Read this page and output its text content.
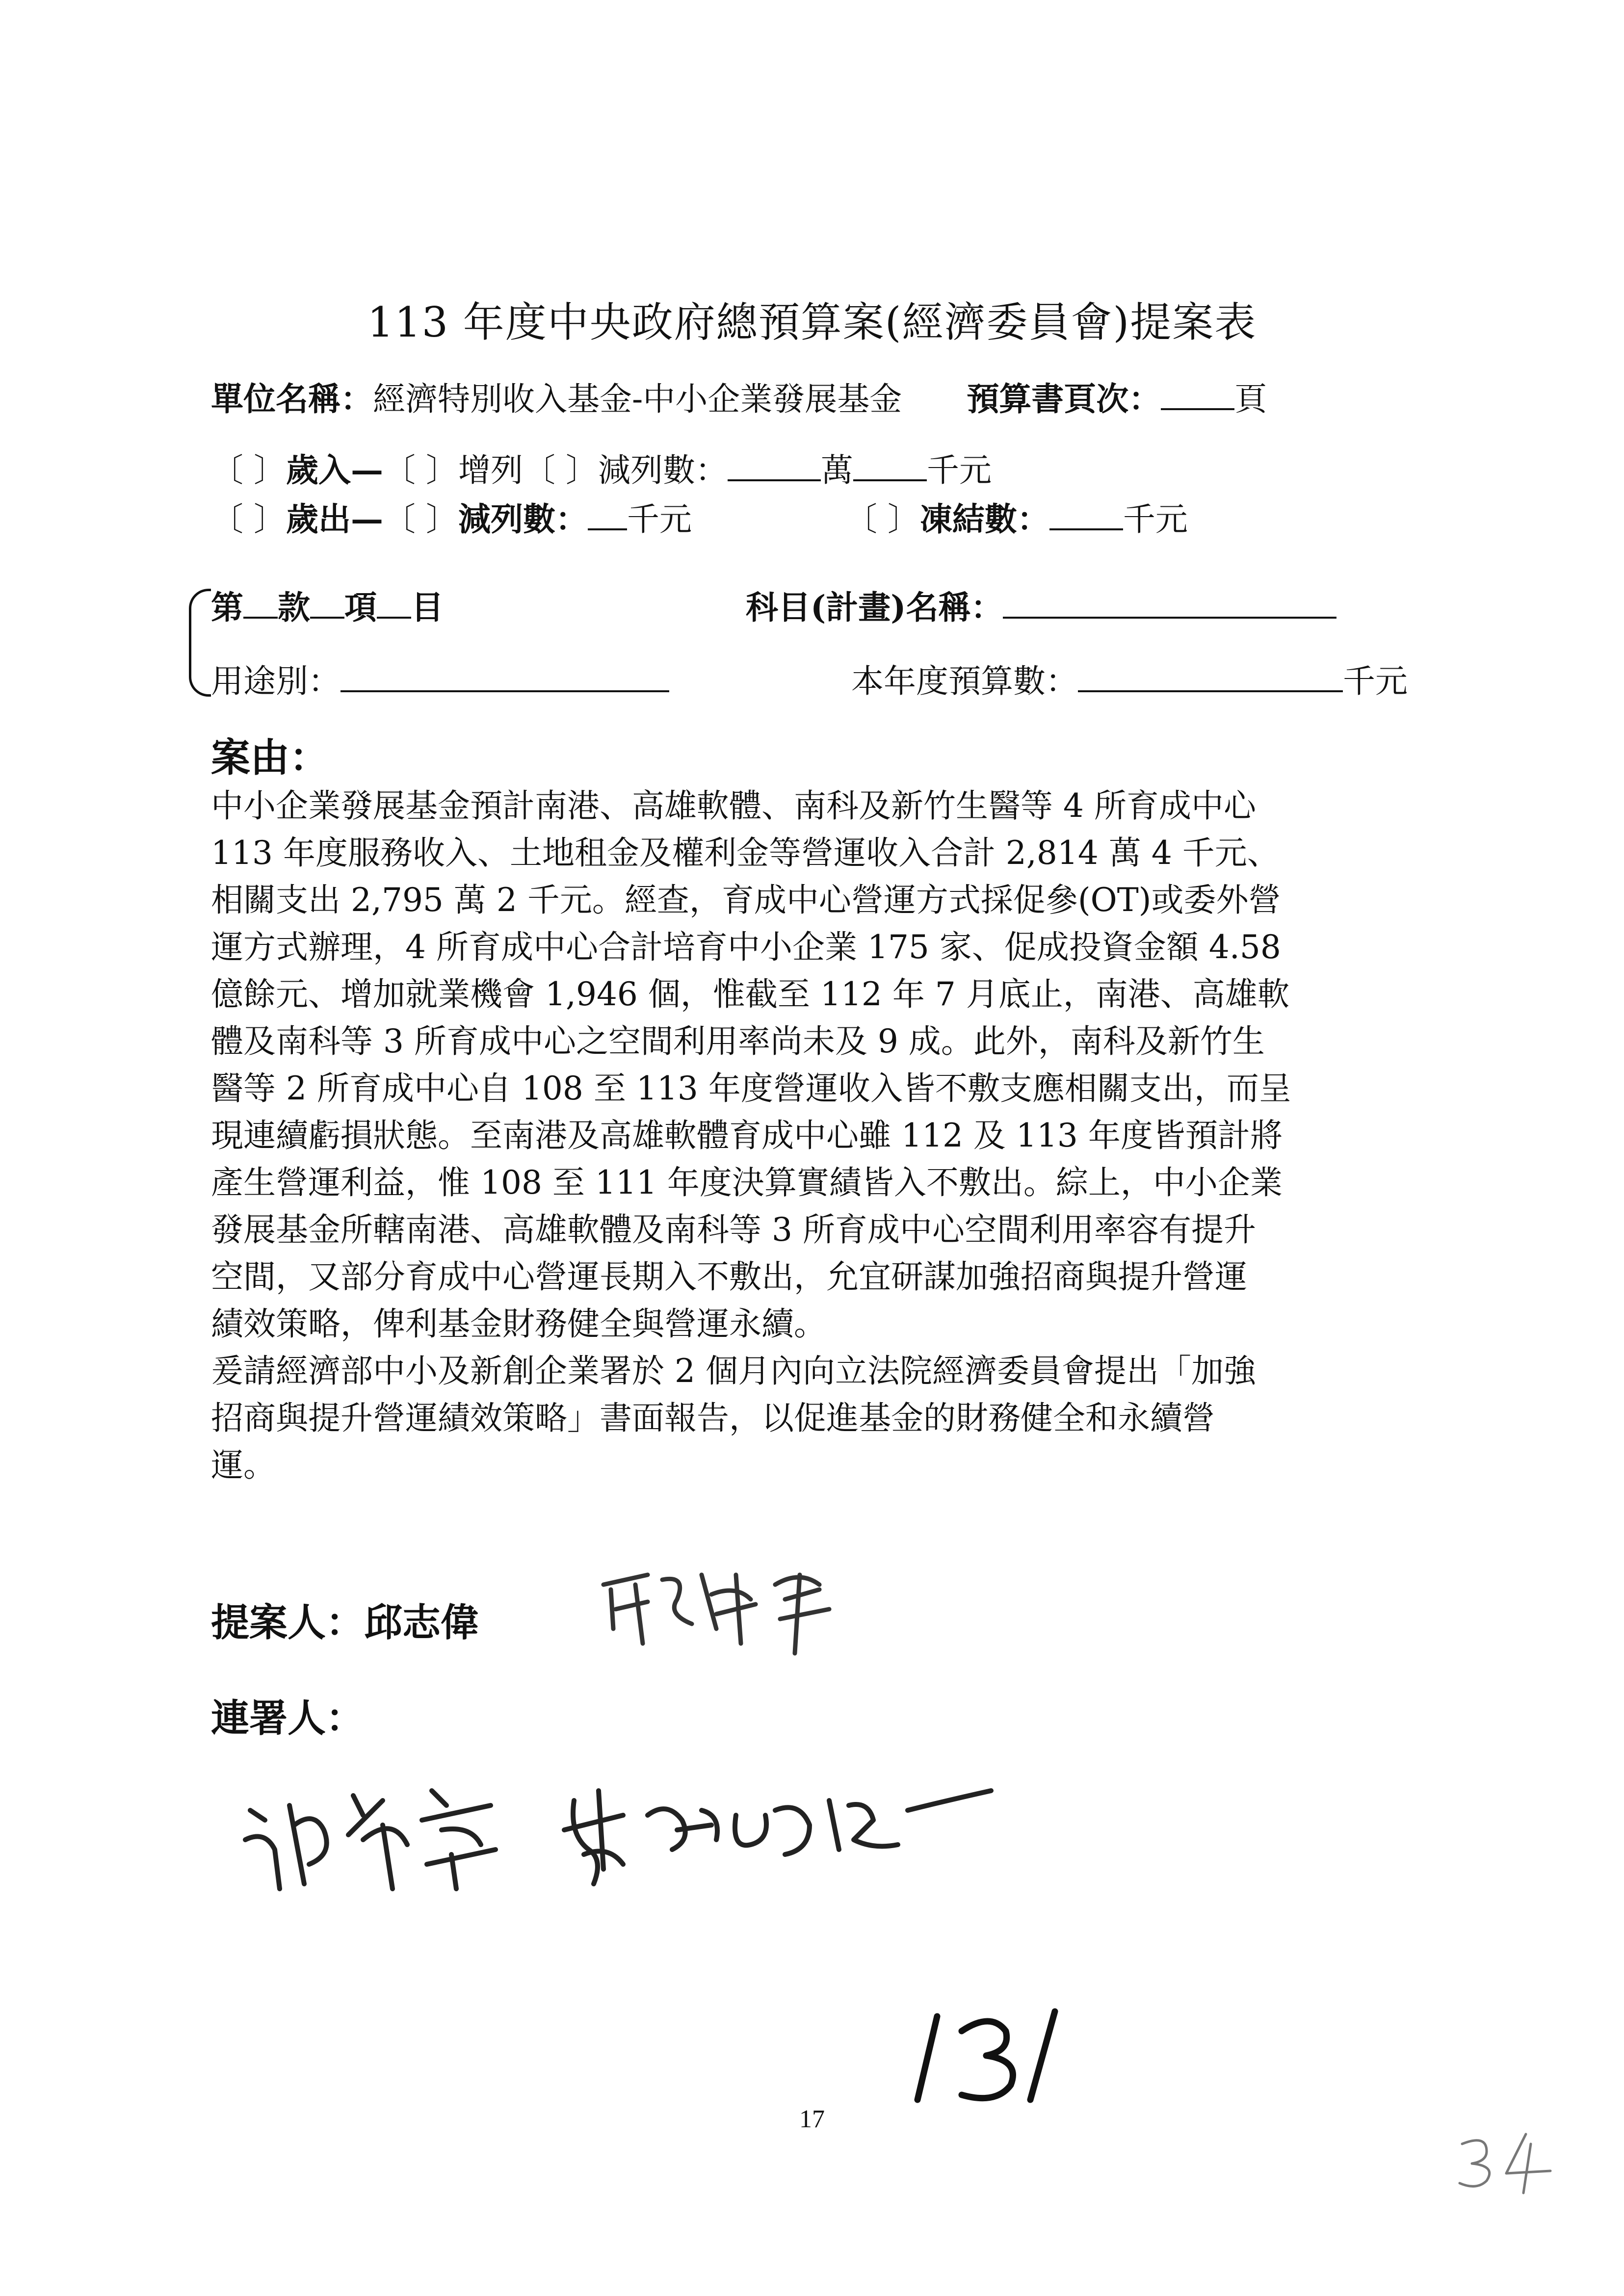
113 年度中央政府總預算案(經濟委員會)提案表
單位名稱：經濟特別收入基金-中小企業發展基金 預算書頁次： 頁
〔 〕歲入—〔 〕增列〔 〕減列數：	萬 千元
〔 〕歲出—〔 〕減列數： 千元	〔 〕凍結數： 千元
第 款 項 目	科目(計畫)名稱：
用途別：	本年度預算數：	千元
案由：
中小企業發展基金預計南港、高雄軟體、南科及新竹生醫等 4 所育成中心
113 年度服務收入、土地租金及權利金等營運收入合計 2,814 萬 4 千元、
相關支出 2,795 萬 2 千元。經查，育成中心營運方式採促參(OT)或委外營
運方式辦理，4 所育成中心合計培育中小企業 175 家、促成投資金額 4.58
億餘元、增加就業機會 1,946 個，惟截至 112 年 7 月底止，南港、高雄軟
體及南科等 3 所育成中心之空間利用率尚未及 9 成。此外，南科及新竹生
醫等 2 所育成中心自 108 至 113 年度營運收入皆不敷支應相關支出，而呈
現連續虧損狀態。至南港及高雄軟體育成中心雖 112 及 113 年度皆預計將
產生營運利益，惟 108 至 111 年度決算實績皆入不敷出。綜上，中小企業
發展基金所轄南港、高雄軟體及南科等 3 所育成中心空間利用率容有提升
空間，又部分育成中心營運長期入不敷出，允宜研謀加強招商與提升營運
績效策略，俾利基金財務健全與營運永續。
爰請經濟部中小及新創企業署於 2 個月內向立法院經濟委員會提出「加強
招商與提升營運績效策略」書面報告，以促進基金的財務健全和永續營
運。
提案人：邱志偉
連署人：
17
